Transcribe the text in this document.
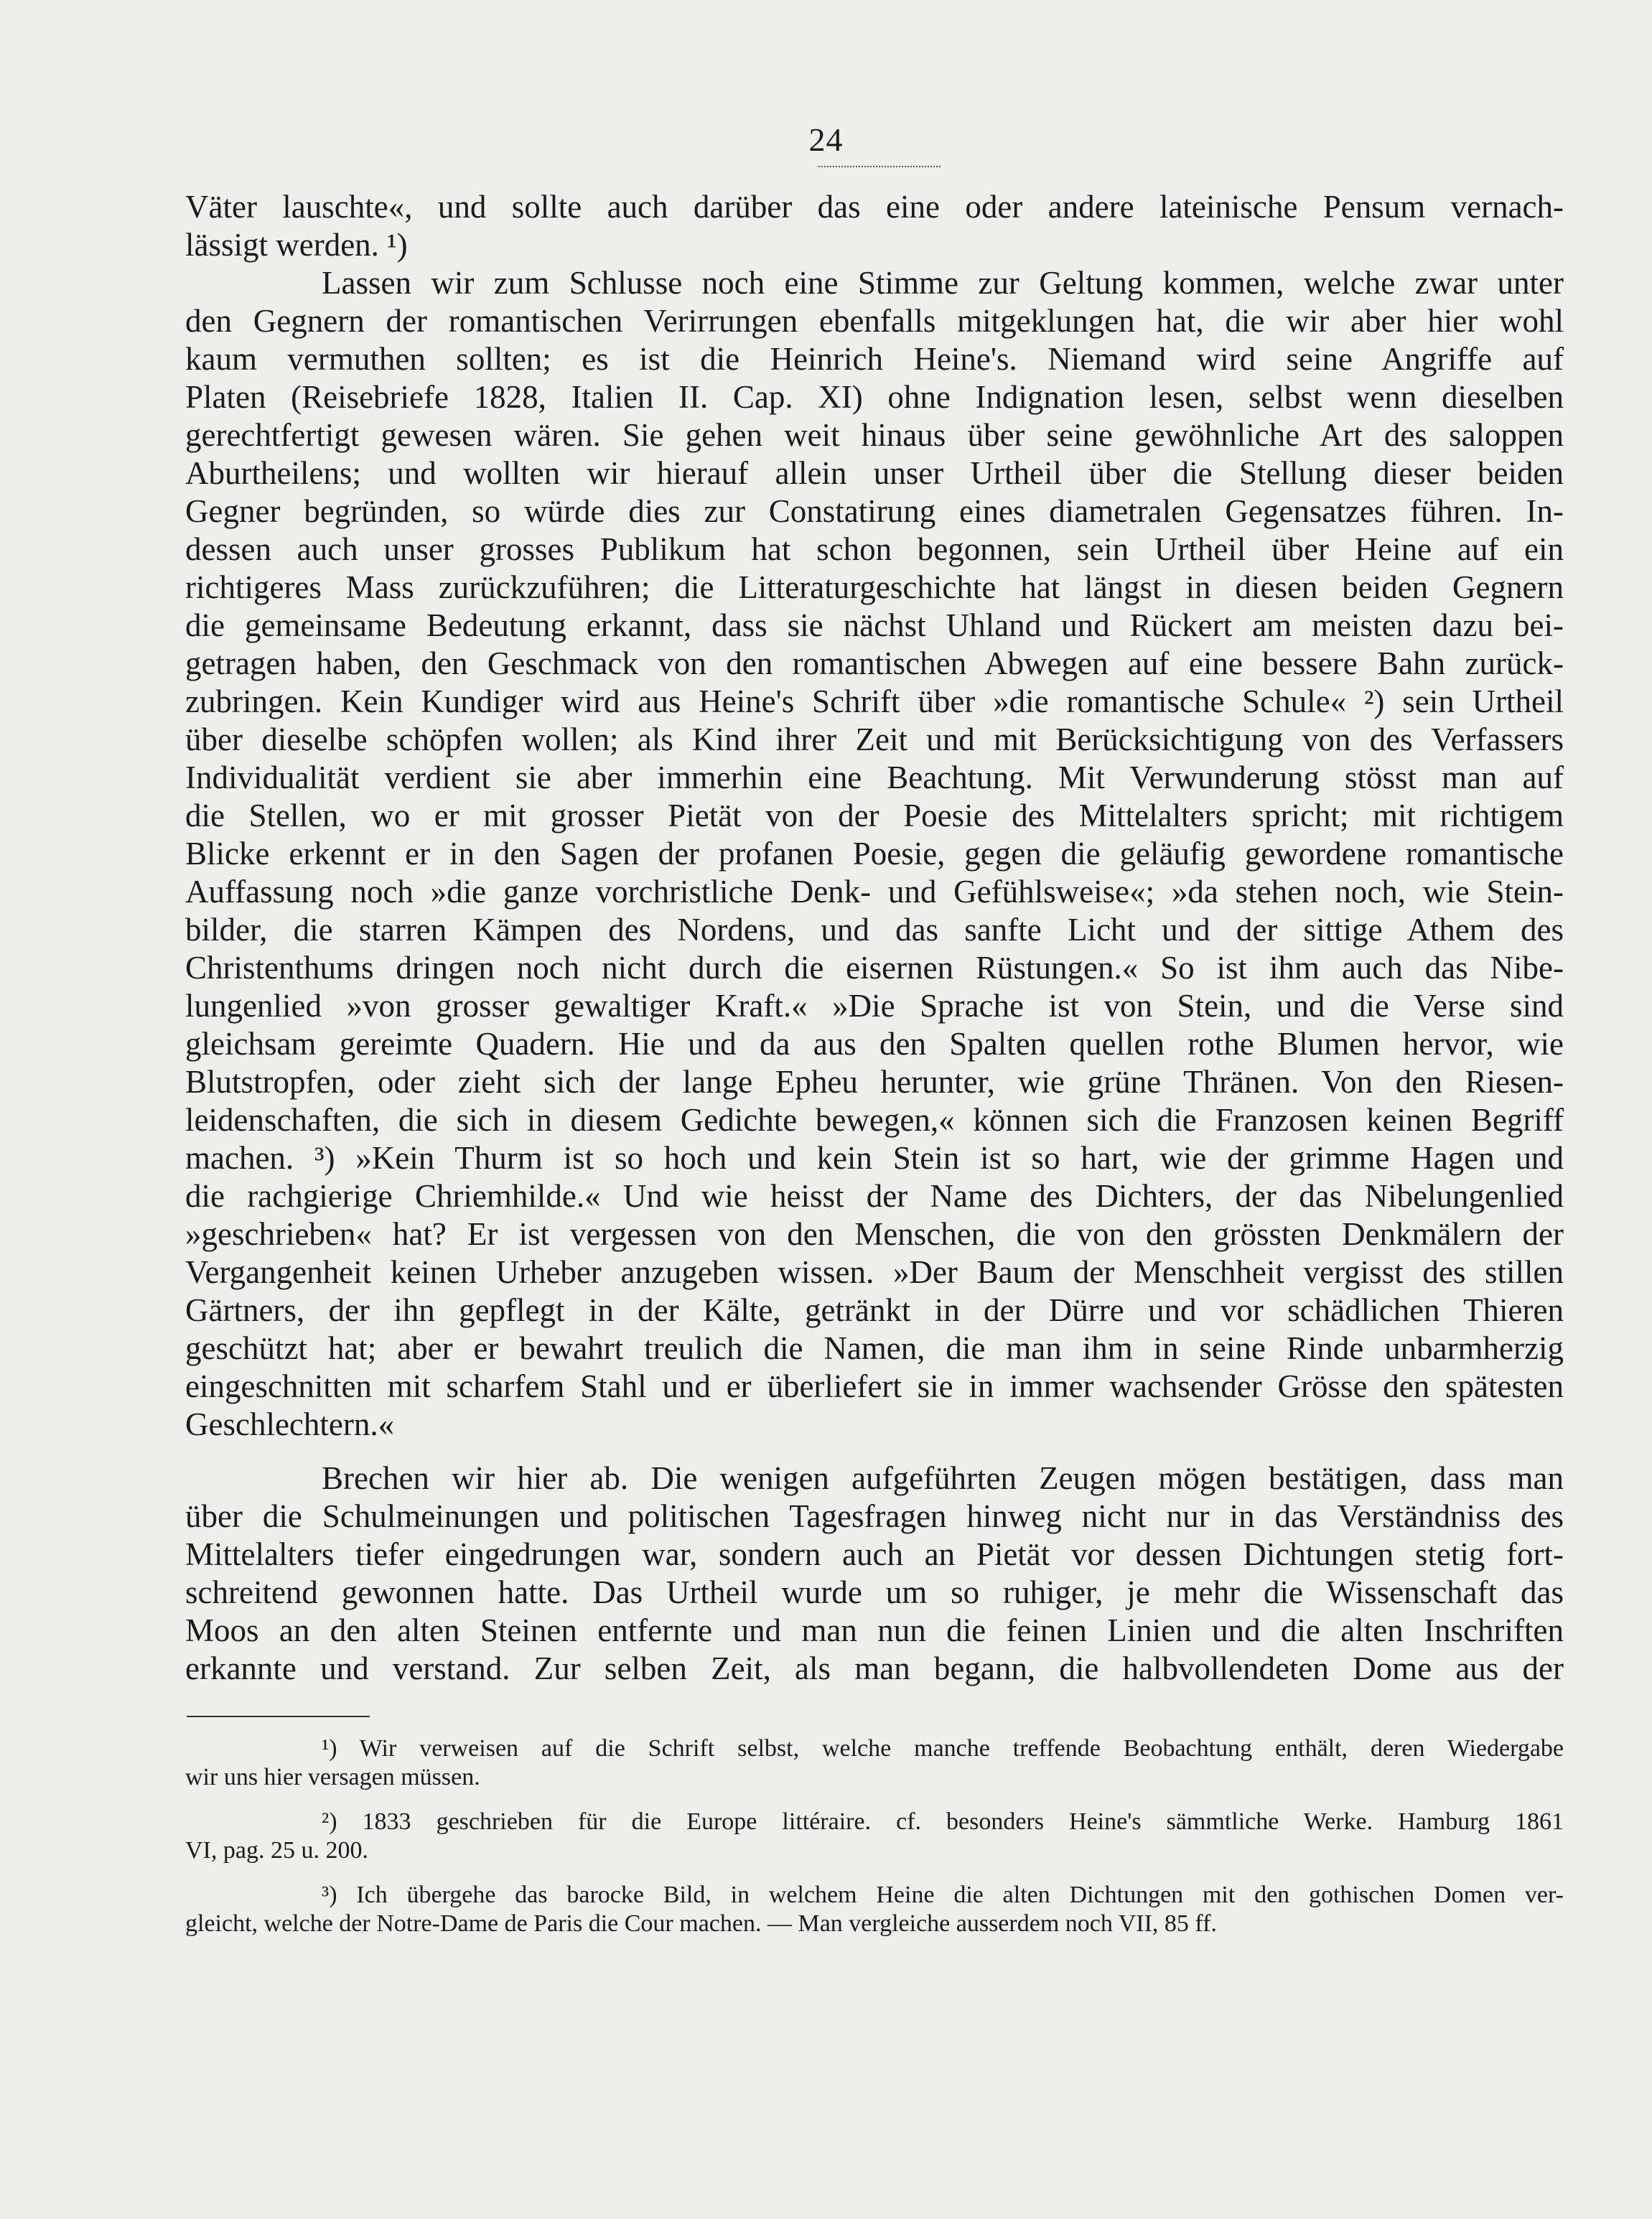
24
Väter lauschte«, und sollte auch darüber das eine oder andere lateinische Pensum vernach-
lässigt werden. ¹)
Lassen wir zum Schlusse noch eine Stimme zur Geltung kommen, welche zwar unter
den Gegnern der romantischen Verirrungen ebenfalls mitgeklungen hat, die wir aber hier wohl
kaum vermuthen sollten; es ist die Heinrich Heine's. Niemand wird seine Angriffe auf
Platen (Reisebriefe 1828, Italien II. Cap. XI) ohne Indignation lesen, selbst wenn dieselben
gerechtfertigt gewesen wären. Sie gehen weit hinaus über seine gewöhnliche Art des saloppen
Aburtheilens; und wollten wir hierauf allein unser Urtheil über die Stellung dieser beiden
Gegner begründen, so würde dies zur Constatirung eines diametralen Gegensatzes führen. In-
dessen auch unser grosses Publikum hat schon begonnen, sein Urtheil über Heine auf ein
richtigeres Mass zurückzuführen; die Litteraturgeschichte hat längst in diesen beiden Gegnern
die gemeinsame Bedeutung erkannt, dass sie nächst Uhland und Rückert am meisten dazu bei-
getragen haben, den Geschmack von den romantischen Abwegen auf eine bessere Bahn zurück-
zubringen. Kein Kundiger wird aus Heine's Schrift über »die romantische Schule« ²) sein Urtheil
über dieselbe schöpfen wollen; als Kind ihrer Zeit und mit Berücksichtigung von des Verfassers
Individualität verdient sie aber immerhin eine Beachtung. Mit Verwunderung stösst man auf
die Stellen, wo er mit grosser Pietät von der Poesie des Mittelalters spricht; mit richtigem
Blicke erkennt er in den Sagen der profanen Poesie, gegen die geläufig gewordene romantische
Auffassung noch »die ganze vorchristliche Denk- und Gefühlsweise«; »da stehen noch, wie Stein-
bilder, die starren Kämpen des Nordens, und das sanfte Licht und der sittige Athem des
Christenthums dringen noch nicht durch die eisernen Rüstungen.« So ist ihm auch das Nibe-
lungenlied »von grosser gewaltiger Kraft.« »Die Sprache ist von Stein, und die Verse sind
gleichsam gereimte Quadern. Hie und da aus den Spalten quellen rothe Blumen hervor, wie
Blutstropfen, oder zieht sich der lange Epheu herunter, wie grüne Thränen. Von den Riesen-
leidenschaften, die sich in diesem Gedichte bewegen,« können sich die Franzosen keinen Begriff
machen. ³) »Kein Thurm ist so hoch und kein Stein ist so hart, wie der grimme Hagen und
die rachgierige Chriemhilde.« Und wie heisst der Name des Dichters, der das Nibelungenlied
»geschrieben« hat? Er ist vergessen von den Menschen, die von den grössten Denkmälern der
Vergangenheit keinen Urheber anzugeben wissen. »Der Baum der Menschheit vergisst des stillen
Gärtners, der ihn gepflegt in der Kälte, getränkt in der Dürre und vor schädlichen Thieren
geschützt hat; aber er bewahrt treulich die Namen, die man ihm in seine Rinde unbarmherzig
eingeschnitten mit scharfem Stahl und er überliefert sie in immer wachsender Grösse den spätesten
Geschlechtern.«
Brechen wir hier ab. Die wenigen aufgeführten Zeugen mögen bestätigen, dass man
über die Schulmeinungen und politischen Tagesfragen hinweg nicht nur in das Verständniss des
Mittelalters tiefer eingedrungen war, sondern auch an Pietät vor dessen Dichtungen stetig fort-
schreitend gewonnen hatte. Das Urtheil wurde um so ruhiger, je mehr die Wissenschaft das
Moos an den alten Steinen entfernte und man nun die feinen Linien und die alten Inschriften
erkannte und verstand. Zur selben Zeit, als man begann, die halbvollendeten Dome aus der
¹) Wir verweisen auf die Schrift selbst, welche manche treffende Beobachtung enthält, deren Wiedergabe
wir uns hier versagen müssen.
²) 1833 geschrieben für die Europe littéraire. cf. besonders Heine's sämmtliche Werke. Hamburg 1861
VI, pag. 25 u. 200.
³) Ich übergehe das barocke Bild, in welchem Heine die alten Dichtungen mit den gothischen Domen ver-
gleicht, welche der Notre-Dame de Paris die Cour machen. — Man vergleiche ausserdem noch VII, 85 ff.
